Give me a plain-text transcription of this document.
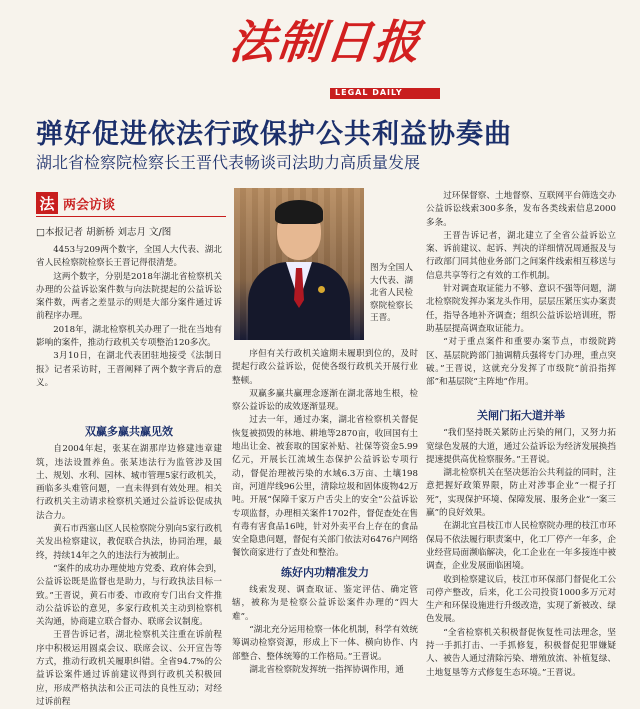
法制日报
LEGAL DAILY
弹好促进依法行政保护公共利益协奏曲
湖北省检察院检察长王晋代表畅谈司法助力高质量发展
法 两会访谈
□本报记者 胡新桥 刘志月 文/图

4453与209两个数字，全国人大代表、湖北省人民检察院检察长王晋记得很清楚。

这两个数字，分别是2018年湖北省检察机关办理的公益诉讼案件数与向法院提起的公益诉讼案件数，两者之差显示的则是大部分案件通过诉前程序办理。

2018年，湖北检察机关办理了一批在当地有影响的案件，推动行政机关专项整治120多次。

3月10日，在湖北代表团驻地接受《法制日报》记者采访时，王晋阐释了两个数字背后的意义。

双赢多赢共赢见效

自2004年起，张某在湖那岸边修建违章建筑，违法设置养鱼。张某违法行为监管涉及国土、规划、水利、园林、城市管理5家行政机关，画临多头难管问题，一直未得到有效处理。相关行政机关主动请求检察机关通过公益诉讼促成执法合力。

黄石市西塞山区人民检察院分别向5家行政机关发出检察建议，教促联合执法，协同治理，最终，持续14年之久的违法行为被制止。

“案件的成功办理使地方党委、政府体会到，公益诉讼既是监督也是助力，与行政执法目标一致。”王晋说，黄石市委、市政府专门出台文件推动公益诉讼的意见，多家行政机关主动到检察机关沟通，协商建立联合督办、联席会议制度。

王晋告诉记者，湖北检察机关注重在诉前程序中积极运用圆桌会议、联席会议、公开宣告等方式，推动行政机关履职纠错。全省94.7%的公益诉讼案件通过诉前建议得到行政机关积极回应，形成严格执法和公正司法的良性互动；对经过诉前程

图为全国人大代表、湖北省人民检察院检察长王晋。

序但有关行政机关逾期未履职到位的，及时提起行政公益诉讼，促使各级行政机关开展行业整顿。

双赢多赢共赢理念逐渐在湖北落地生根，检察公益诉讼的成效逐渐显现。

过去一年，通过办案，湖北省检察机关督促恢复被损毁的林地、耕地等2870亩，收回国有土地出让金、被套取的国家补贴、社保等资金5.99亿元，开展长江流域生态保护公益诉讼专项行动，督促治理被污染的水域6.3万亩、土壤198亩，河道岸线96公里，清除垃圾和固体废物42万吨。开展“保障千家万户舌尖上的安全”公益诉讼专项监督，办理相关案件1702件，督促查处在售有毒有害食品16吨，针对外卖平台上存在的食品安全隐患问题，督促有关部门依法对6476户网络餐饮商家进行了查处和整治。

练好内功精准发力

线索发现、调查取证、鉴定评估、确定管辖，被称为是检察公益诉讼案件办理的“四大难”。

“湖北充分运用检察一体化机制，科学有效统筹调动检察资源，形成上下一体、横向协作、内部整合、整体统筹的工作格局。”王晋说。

湖北省检察院发挥统一指挥协调作用，通

过环保督察、土地督察、互联网平台筛选交办公益诉讼线索300多条，发布各类线索信息2000多条。

王晋告诉记者，湖北建立了全省公益诉讼立案、诉前建议、起诉、判决的详细情况周通报及与行政部门同其他业务部门之间案件线索相互移送与信息共享等行之有效的工作机制。

针对调查取证能力不够、意识不强等问题，湖北检察院发挥办案龙头作用，层层压紧压实办案责任，指导各地补齐调查；组织公益诉讼培训班，帮助基层提高调查取证能力。

“对于重点案件和重要办案节点，市级院跨区、基层院跨部门抽调精兵强将专门办理，重点突破。”王晋说，这就充分发挥了市级院“前沿指挥部”和基层院“主阵地”作用。

关闸门拓大道并举

“我们坚持既关紧防止污染的闸门，又努力拓宽绿色发展的大道，通过公益诉讼为经济发展换挡提速提供高优检察服务。”王晋说。

湖北检察机关在坚决惩治公共利益的同时，注意把握好政策界限，防止对涉事企业“一棍子打死”，实现保护环境、保障发展、服务企业“一案三赢”的良好效果。

在湖北宜昌枝江市人民检察院办理的枝江市环保局不依法履行职责案中，化工厂停产一年多，企业经营局面濒临解决，化工企业在一年多接连中被调查，企业发展面临困境。

收到检察建议后，枝江市环保部门督促化工公司停产整改，后来，化工公司投资1000多万元对生产和环保设施进行升级改造，实现了新被改、绿色发展。

“全省检察机关积极督促恢复性司法理念，坚持一手抓打击、一手抓修复，积极督促犯罪嫌疑人、被告人通过清除污染、增殖放流、补植复绿、土地复垦等方式修复生态环境。”王晋说。
